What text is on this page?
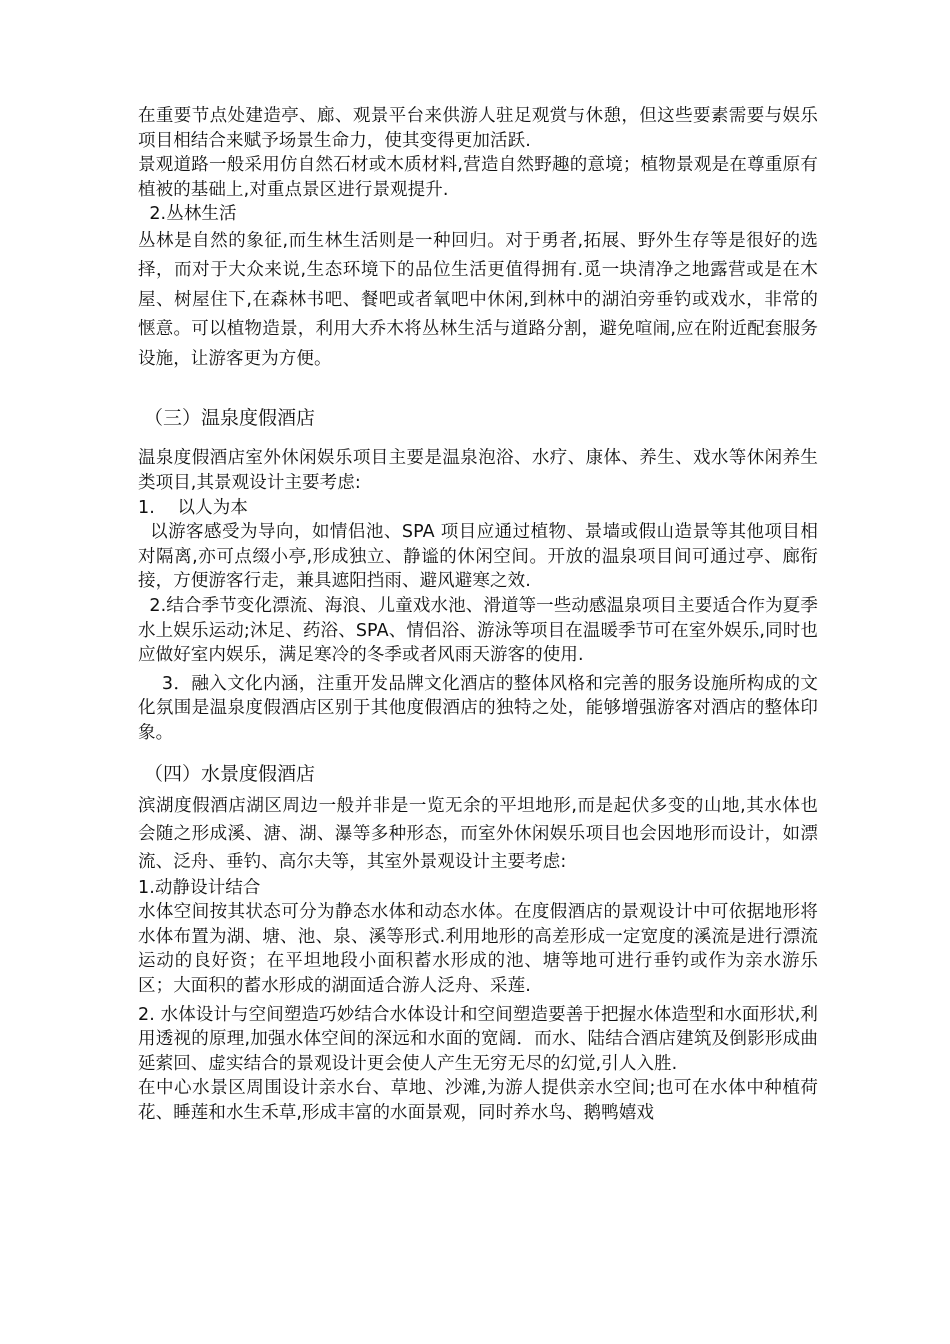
在重要节点处建造亭、廊、观景平台来供游人驻足观赏与休憩，但这些要素需要与娱乐项目相结合来赋予场景生命力，使其变得更加活跃.

景观道路一般采用仿自然石材或木质材料,营造自然野趣的意境；植物景观是在尊重原有植被的基础上,对重点景区进行景观提升.

2.丛林生活

丛林是自然的象征,而生林生活则是一种回归。对于勇者,拓展、野外生存等是很好的选择，而对于大众来说,生态环境下的品位生活更值得拥有.觅一块清净之地露营或是在木屋、树屋住下,在森林书吧、餐吧或者氧吧中休闲,到林中的湖泊旁垂钓或戏水，非常的惬意。可以植物造景，利用大乔木将丛林生活与道路分割，避免喧闹,应在附近配套服务设施，让游客更为方便。

（三）温泉度假酒店

温泉度假酒店室外休闲娱乐项目主要是温泉泡浴、水疗、康体、养生、戏水等休闲养生类项目,其景观设计主要考虑:

1.    以人为本

以游客感受为导向，如情侣池、SPA 项目应通过植物、景墙或假山造景等其他项目相对隔离,亦可点缀小亭,形成独立、静谧的休闲空间。开放的温泉项目间可通过亭、廊衔接，方便游客行走，兼具遮阳挡雨、避风避寒之效.

2.结合季节变化漂流、海浪、儿童戏水池、滑道等一些动感温泉项目主要适合作为夏季水上娱乐运动;沐足、药浴、SPA、情侣浴、游泳等项目在温暖季节可在室外娱乐,同时也应做好室内娱乐，满足寒冷的冬季或者风雨天游客的使用.

3．融入文化内涵，注重开发品牌文化酒店的整体风格和完善的服务设施所构成的文化氛围是温泉度假酒店区别于其他度假酒店的独特之处，能够增强游客对酒店的整体印象。

（四）水景度假酒店

滨湖度假酒店湖区周边一般并非是一览无余的平坦地形,而是起伏多变的山地,其水体也会随之形成溪、溏、湖、瀑等多种形态，而室外休闲娱乐项目也会因地形而设计，如漂流、泛舟、垂钓、高尔夫等，其室外景观设计主要考虑:

1.动静设计结合

水体空间按其状态可分为静态水体和动态水体。在度假酒店的景观设计中可依据地形将水体布置为湖、塘、池、泉、溪等形式.利用地形的高差形成一定宽度的溪流是进行漂流运动的良好资；在平坦地段小面积蓄水形成的池、塘等地可进行垂钓或作为亲水游乐区；大面积的蓄水形成的湖面适合游人泛舟、采莲.

2. 水体设计与空间塑造巧妙结合水体设计和空间塑造要善于把握水体造型和水面形状,利用透视的原理,加强水体空间的深远和水面的宽阔．而水、陆结合酒店建筑及倒影形成曲延萦回、虚实结合的景观设计更会使人产生无穷无尽的幻觉,引人入胜.

在中心水景区周围设计亲水台、草地、沙滩,为游人提供亲水空间;也可在水体中种植荷花、睡莲和水生禾草,形成丰富的水面景观，同时养水鸟、鹅鸭嬉戏
